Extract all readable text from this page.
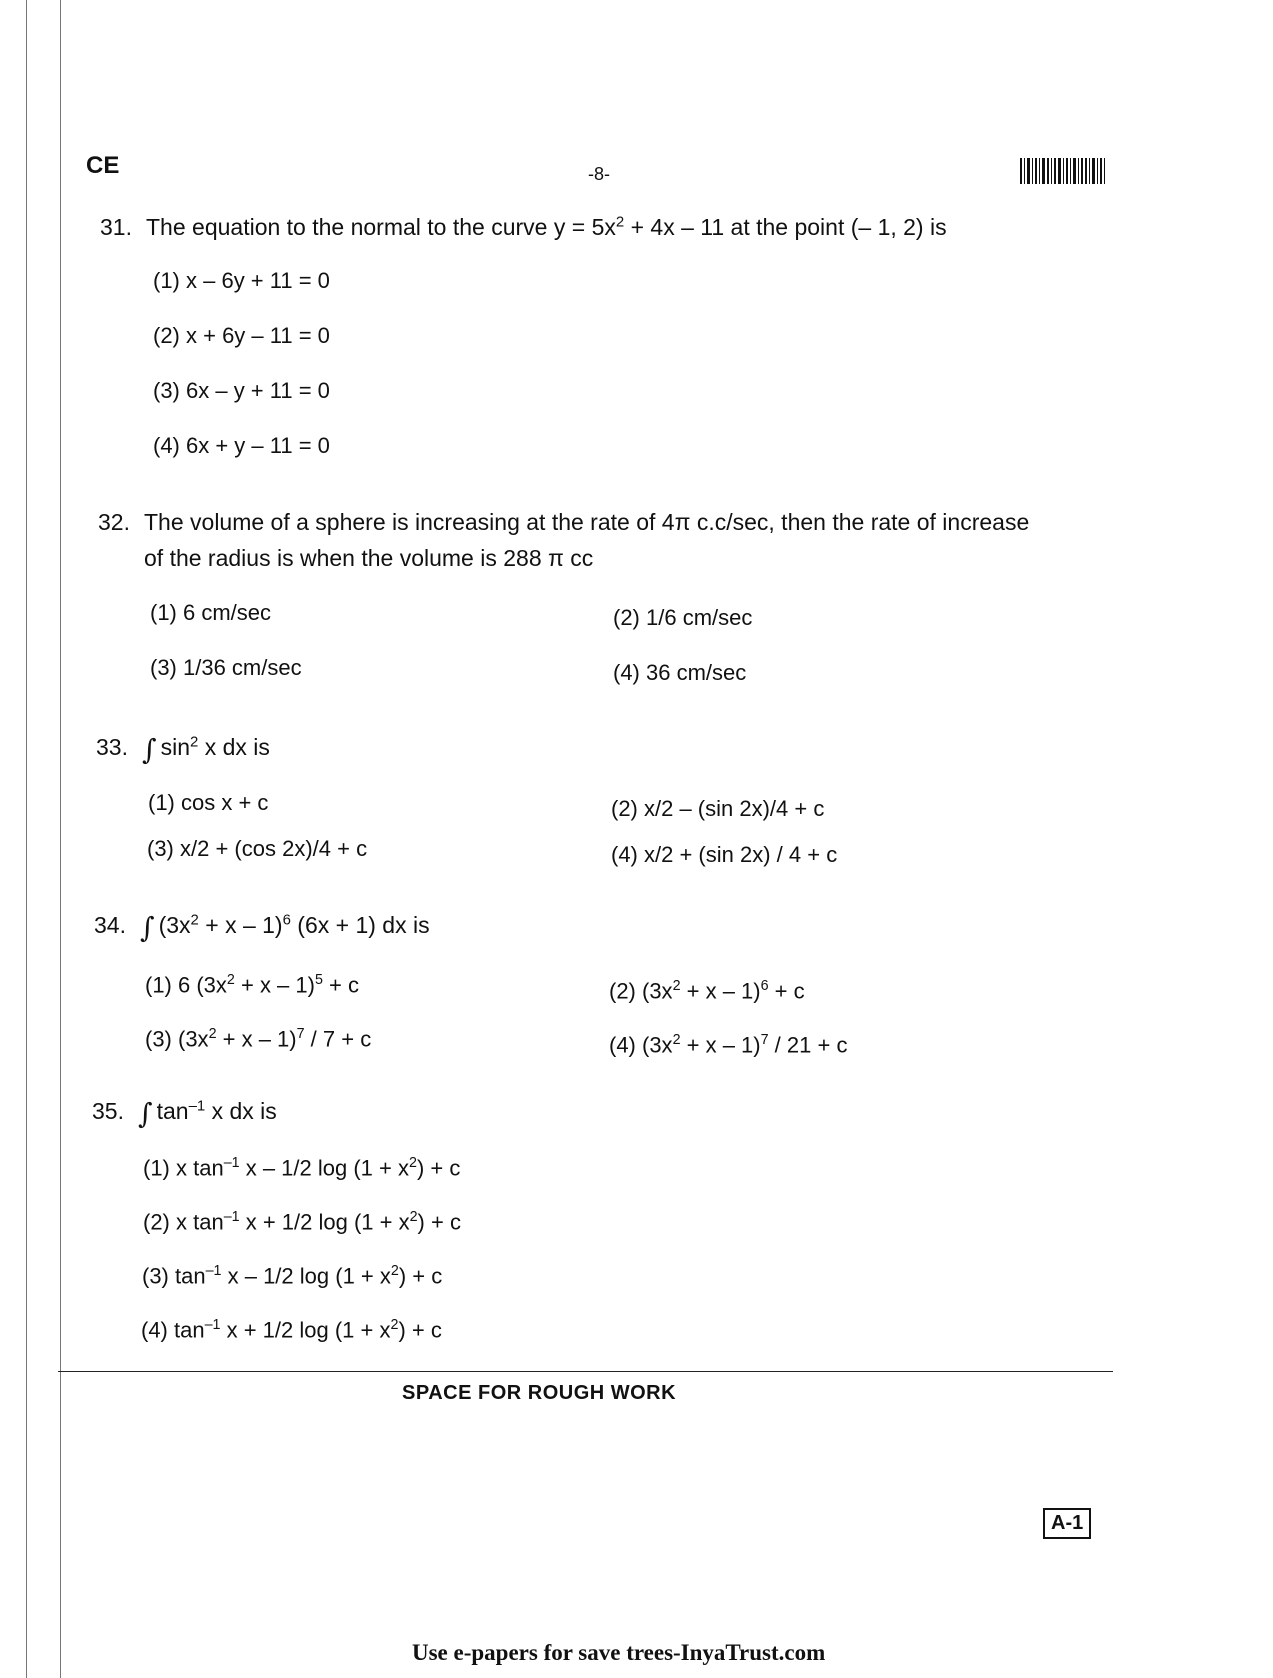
CE	-8-
31. The equation to the normal to the curve $y = 5x^2 + 4x - 11$ at the point (– 1, 2) is
(1) x – 6y + 11 = 0
(2) x + 6y – 11 = 0
(3) 6x – y + 11 = 0
(4) 6x + y – 11 = 0
32. The volume of a sphere is increasing at the rate of 4π c.c/sec, then the rate of increase
of the radius is when the volume is 288 π cc
(1) 6 cm/sec	(2) 1/6 cm/sec
(3) 1/36 cm/sec	(4) 36 cm/sec
33. ∫ $\sin^2 x$ dx is
(1) cos x + c	(2) x/2 – (sin 2x)/4 + c
(3) x/2 + (cos 2x)/4 + c	(4) x/2 + (sin 2x) / 4 + c
34. ∫ $(3x^2 + x - 1)^6$ (6x + 1) dx is
(1) 6 $(3x^2 + x - 1)^5 + c$	(2) $(3x^2 + x - 1)^6 + c$
(3) $(3x^2 + x - 1)^7 / 7 + c$	(4) $(3x^2 + x - 1)^7 / 21 + c$
35. ∫ $\tan^{-1} x$ dx is
(1) x $\tan^{-1} x - 1/2$ $\log (1 + x^2) + c$
(2) x $\tan^{-1} x + 1/2$ $\log (1 + x^2) + c$
(3) $\tan^{-1} x - 1/2$ $\log (1 + x^2) + c$
(4) $\tan^{-1} x + 1/2$ $\log (1 + x^2) + c$
SPACE FOR ROUGH WORK
A-1
Use e-papers for save trees-InyaTrust.com
